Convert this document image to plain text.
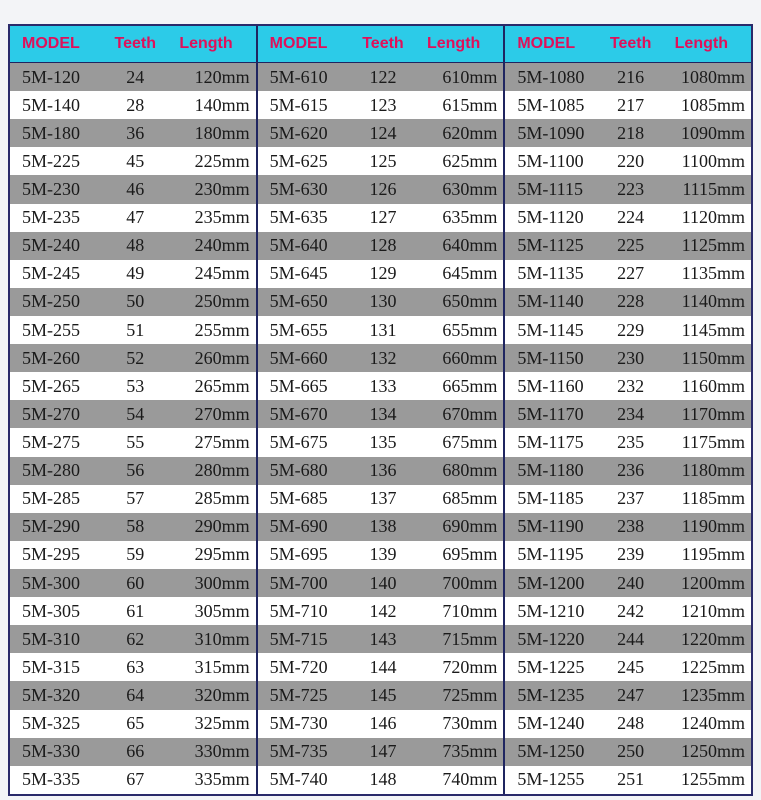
MODEL	Teeth	Length
5M-120	24	120mm
5M-140	28	140mm
5M-180	36	180mm
5M-225	45	225mm
5M-230	46	230mm
5M-235	47	235mm
5M-240	48	240mm
5M-245	49	245mm
5M-250	50	250mm
5M-255	51	255mm
5M-260	52	260mm
5M-265	53	265mm
5M-270	54	270mm
5M-275	55	275mm
5M-280	56	280mm
5M-285	57	285mm
5M-290	58	290mm
5M-295	59	295mm
5M-300	60	300mm
5M-305	61	305mm
5M-310	62	310mm
5M-315	63	315mm
5M-320	64	320mm
5M-325	65	325mm
5M-330	66	330mm
5M-335	67	335mm
MODEL	Teeth	Length
5M-610	122	610mm
5M-615	123	615mm
5M-620	124	620mm
5M-625	125	625mm
5M-630	126	630mm
5M-635	127	635mm
5M-640	128	640mm
5M-645	129	645mm
5M-650	130	650mm
5M-655	131	655mm
5M-660	132	660mm
5M-665	133	665mm
5M-670	134	670mm
5M-675	135	675mm
5M-680	136	680mm
5M-685	137	685mm
5M-690	138	690mm
5M-695	139	695mm
5M-700	140	700mm
5M-710	142	710mm
5M-715	143	715mm
5M-720	144	720mm
5M-725	145	725mm
5M-730	146	730mm
5M-735	147	735mm
5M-740	148	740mm
MODEL	Teeth	Length
5M-1080	216	1080mm
5M-1085	217	1085mm
5M-1090	218	1090mm
5M-1100	220	1100mm
5M-1115	223	1115mm
5M-1120	224	1120mm
5M-1125	225	1125mm
5M-1135	227	1135mm
5M-1140	228	1140mm
5M-1145	229	1145mm
5M-1150	230	1150mm
5M-1160	232	1160mm
5M-1170	234	1170mm
5M-1175	235	1175mm
5M-1180	236	1180mm
5M-1185	237	1185mm
5M-1190	238	1190mm
5M-1195	239	1195mm
5M-1200	240	1200mm
5M-1210	242	1210mm
5M-1220	244	1220mm
5M-1225	245	1225mm
5M-1235	247	1235mm
5M-1240	248	1240mm
5M-1250	250	1250mm
5M-1255	251	1255mm
